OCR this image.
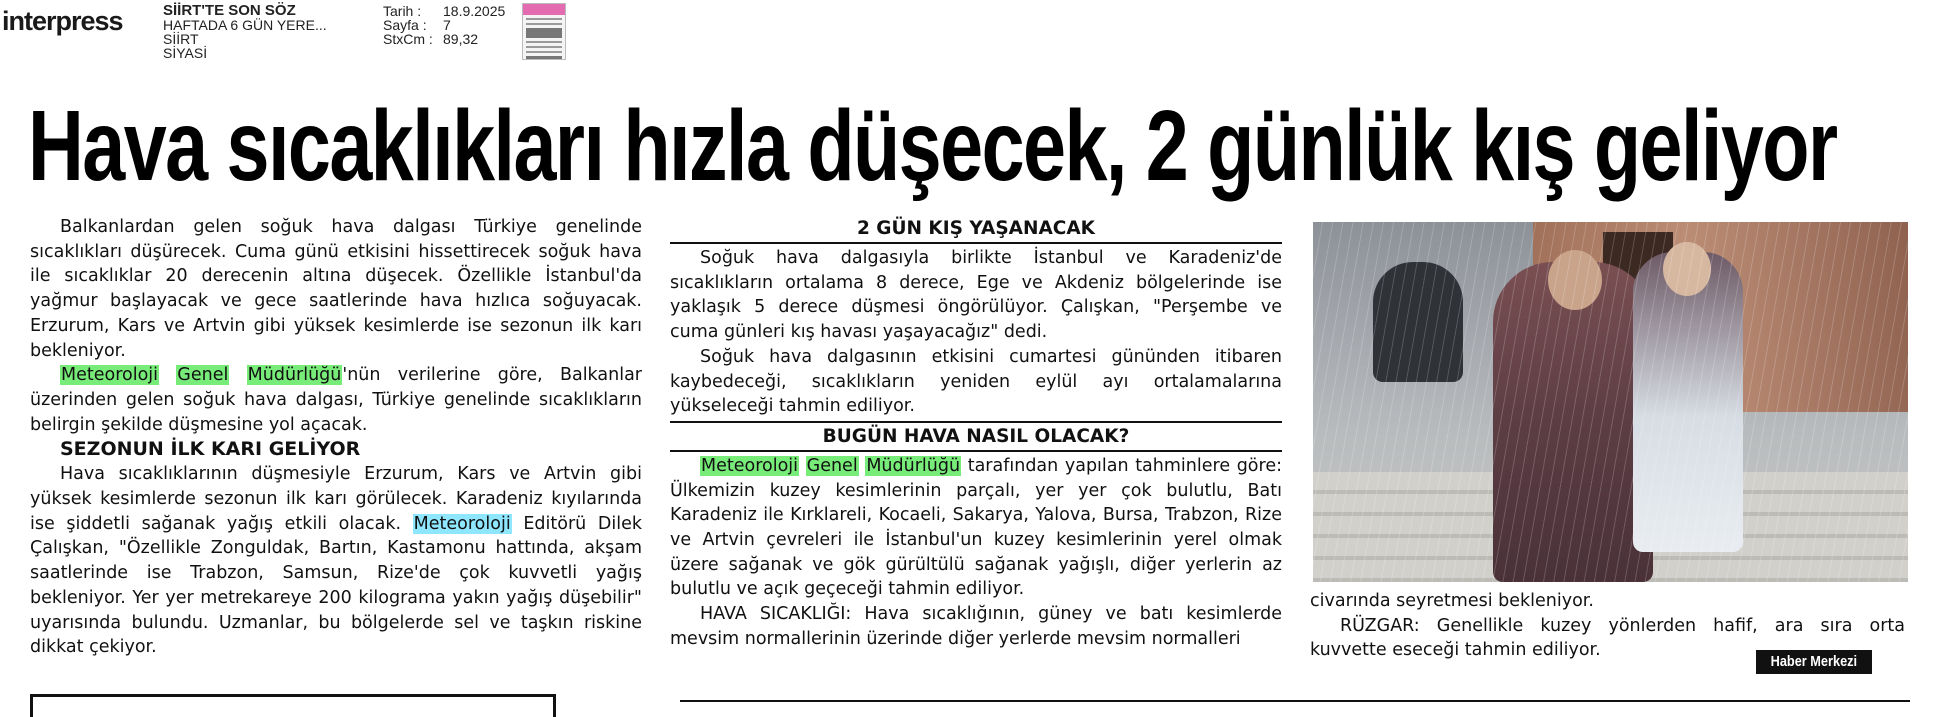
interpress	SİİRT'TE SON SÖZ
HAFTADA 6 GÜN YERE...
SİİRT
SİYASİ
Tarih :	18.9.2025
Sayfa :	7
StxCm : 89,32
Hava sıcaklıkları hızla düşecek, 2 günlük kış geliyor

Balkanlardan gelen soğuk hava dalgası Türkiye genelinde sıcaklıkları düşürecek. Cuma günü etkisini hissettirecek soğuk hava ile sıcaklıklar 20 derecenin altına düşecek. Özellikle İstanbul'da yağmur başlayacak ve gece saatlerinde hava hızlıca soğuyacak. Erzurum, Kars ve Artvin gibi yüksek kesimlerde ise sezonun ilk karı bekleniyor.

Meteoroloji Genel Müdürlüğü'nün verilerine göre, Balkanlar üzerinden gelen soğuk hava dalgası, Türkiye genelinde sıcaklıkların belirgin şekilde düşmesine yol açacak.

SEZONUN İLK KARI GELİYOR

Hava sıcaklıklarının düşmesiyle Erzurum, Kars ve Artvin gibi yüksek kesimlerde sezonun ilk karı görülecek. Karadeniz kıyılarında ise şiddetli sağanak yağış etkili olacak. Meteoroloji Editörü Dilek Çalışkan, "Özellikle Zonguldak, Bartın, Kastamonu hattında, akşam saatlerinde ise Trabzon, Samsun, Rize'de çok kuvvetli yağış bekleniyor. Yer yer metrekareye 200 kilograma yakın yağış düşebilir" uyarısında bulundu. Uzmanlar, bu bölgelerde sel ve taşkın riskine dikkat çekiyor.

2 GÜN KIŞ YAŞANACAK

Soğuk hava dalgasıyla birlikte İstanbul ve Karadeniz'de sıcaklıkların ortalama 8 derece, Ege ve Akdeniz bölgelerinde ise yaklaşık 5 derece düşmesi öngörülüyor. Çalışkan, "Perşembe ve cuma günleri kış havası yaşayacağız" dedi.

Soğuk hava dalgasının etkisini cumartesi gününden itibaren kaybedeceği, sıcaklıkların yeniden eylül ayı ortalamalarına yükseleceği tahmin ediliyor.

BUGÜN HAVA NASIL OLACAK?

Meteoroloji Genel Müdürlüğü tarafından yapılan tahminlere göre: Ülkemizin kuzey kesimlerinin parçalı, yer yer çok bulutlu, Batı Karadeniz ile Kırklareli, Kocaeli, Sakarya, Yalova, Bursa, Trabzon, Rize ve Artvin çevreleri ile İstanbul'un kuzey kesimlerinin yerel olmak üzere sağanak ve gök gürültülü sağanak yağışlı, diğer yerlerin az bulutlu ve açık geçeceği tahmin ediliyor.

HAVA SICAKLIĞI: Hava sıcaklığının, güney ve batı kesimlerde mevsim normallerinin üzerinde diğer yerlerde mevsim normalleri

civarında seyretmesi bekleniyor.

RÜZGAR: Genellikle kuzey yönlerden hafif, ara sıra orta kuvvette eseceği tahmin ediliyor.

Haber Merkezi
